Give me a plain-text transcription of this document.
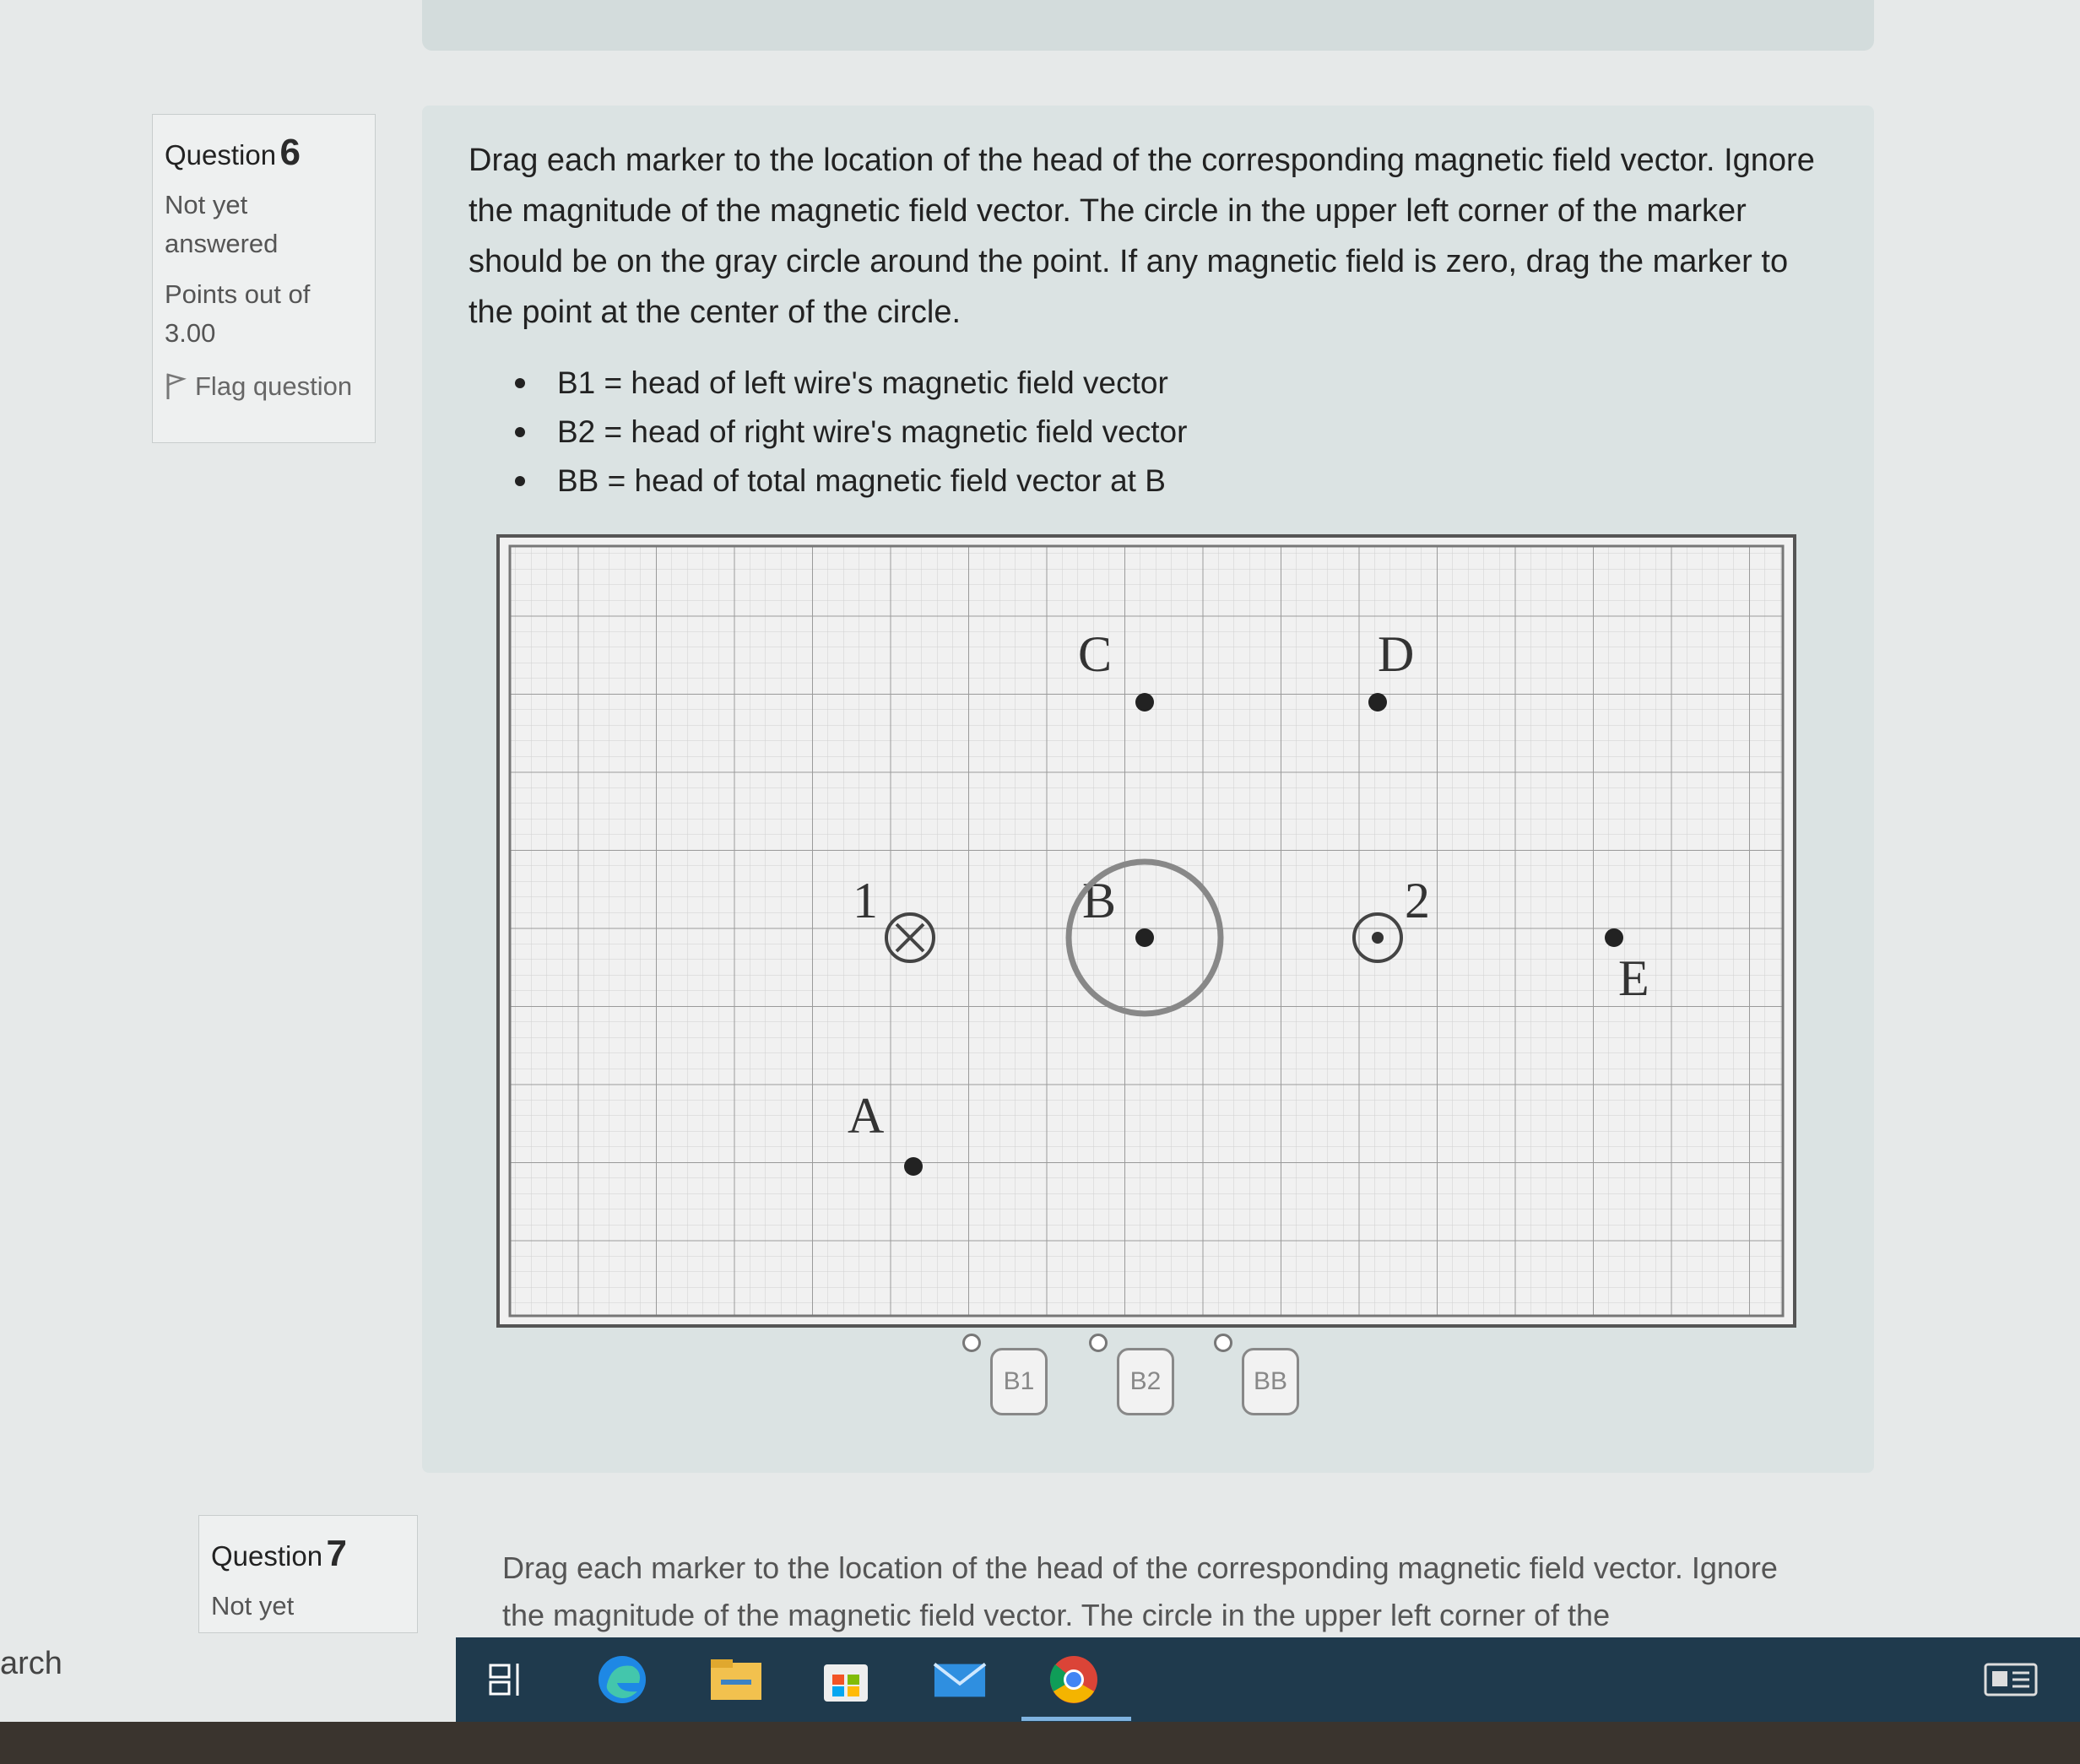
Question 6
Not yet answered
Points out of 3.00
Flag question
Drag each marker to the location of the head of the corresponding magnetic field vector. Ignore the magnitude of the magnetic field vector. The circle in the upper left corner of the marker should be on the gray circle around the point. If any magnetic field is zero, drag the marker to the point at the center of the circle.
B1 = head of left wire's magnetic field vector
B2 = head of right wire's magnetic field vector
BB = head of total magnetic field vector at B
1	2
A
B
C	D
E
B1	B2	BB
Question 7
Not yet
Drag each marker to the location of the head of the corresponding magnetic field vector. Ignore the magnitude of the magnetic field vector. The circle in the upper left corner of the
arch
